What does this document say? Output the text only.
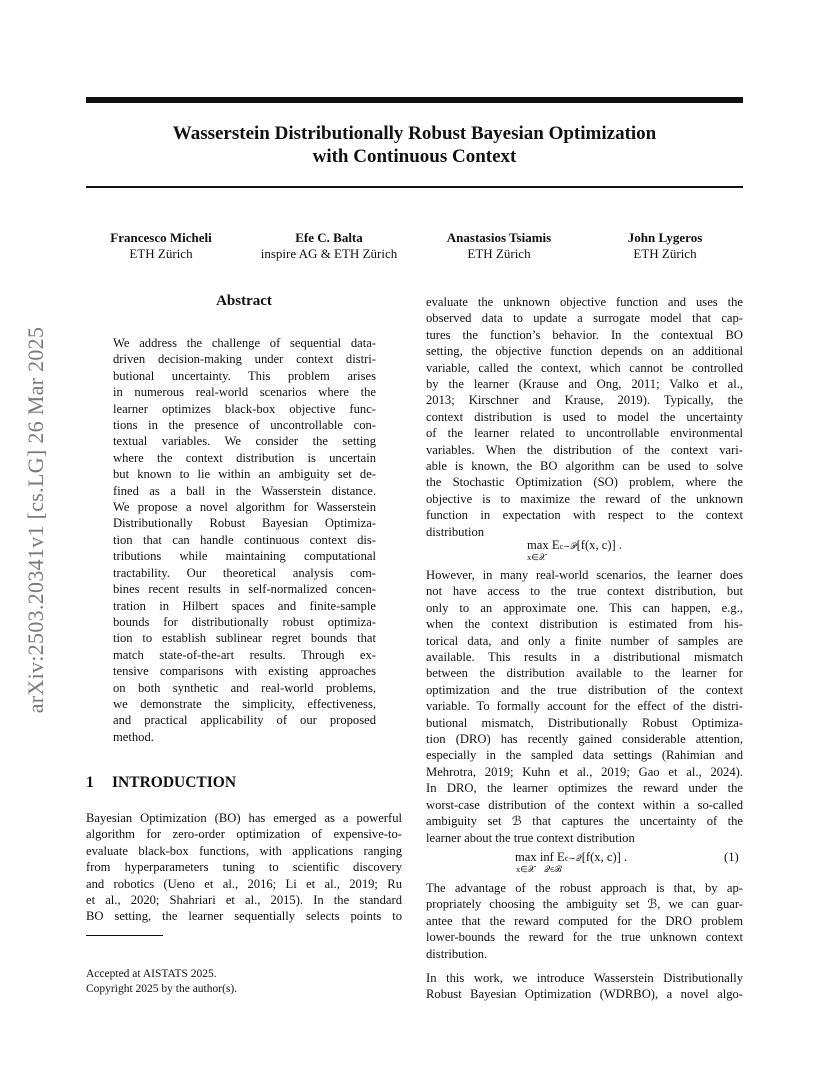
Wasserstein Distributionally Robust Bayesian Optimization
with Continuous Context
Francesco Micheli
ETH Zürich
Efe C. Balta
inspire AG & ETH Zürich
Anastasios Tsiamis
ETH Zürich
John Lygeros
ETH Zürich
arXiv:2503.20341v1 [cs.LG] 26 Mar 2025
Abstract
We address the challenge of sequential data-
driven decision-making under context distri-
butional uncertainty. This problem arises
in numerous real-world scenarios where the
learner optimizes black-box objective func-
tions in the presence of uncontrollable con-
textual variables. We consider the setting
where the context distribution is uncertain
but known to lie within an ambiguity set de-
fined as a ball in the Wasserstein distance.
We propose a novel algorithm for Wasserstein
Distributionally Robust Bayesian Optimiza-
tion that can handle continuous context dis-
tributions while maintaining computational
tractability. Our theoretical analysis com-
bines recent results in self-normalized concen-
tration in Hilbert spaces and finite-sample
bounds for distributionally robust optimiza-
tion to establish sublinear regret bounds that
match state-of-the-art results. Through ex-
tensive comparisons with existing approaches
on both synthetic and real-world problems,
we demonstrate the simplicity, effectiveness,
and practical applicability of our proposed
method.
1 INTRODUCTION
Bayesian Optimization (BO) has emerged as a powerful
algorithm for zero-order optimization of expensive-to-
evaluate black-box functions, with applications ranging
from hyperparameters tuning to scientific discovery
and robotics (Ueno et al., 2016; Li et al., 2019; Ru
et al., 2020; Shahriari et al., 2015). In the standard
BO setting, the learner sequentially selects points to
Accepted at AISTATS 2025.
Copyright 2025 by the author(s).
evaluate the unknown objective function and uses the
observed data to update a surrogate model that cap-
tures the function’s behavior. In the contextual BO
setting, the objective function depends on an additional
variable, called the context, which cannot be controlled
by the learner (Krause and Ong, 2011; Valko et al.,
2013; Kirschner and Krause, 2019). Typically, the
context distribution is used to model the uncertainty
of the learner related to uncontrollable environmental
variables. When the distribution of the context vari-
able is known, the BO algorithm can be used to solve
the Stochastic Optimization (SO) problem, where the
objective is to maximize the reward of the unknown
function in expectation with respect to the context
distribution
max Ec∼𝒫[f(x, c)] .
x∈𝒳
However, in many real-world scenarios, the learner does
not have access to the true context distribution, but
only to an approximate one. This can happen, e.g.,
when the context distribution is estimated from his-
torical data, and only a finite number of samples are
available. This results in a distributional mismatch
between the distribution available to the learner for
optimization and the true distribution of the context
variable. To formally account for the effect of the distri-
butional mismatch, Distributionally Robust Optimiza-
tion (DRO) has recently gained considerable attention,
especially in the sampled data settings (Rahimian and
Mehrotra, 2019; Kuhn et al., 2019; Gao et al., 2024).
In DRO, the learner optimizes the reward under the
worst-case distribution of the context within a so-called
ambiguity set ℬ that captures the uncertainty of the
learner about the true context distribution
max inf Ec∼𝒬[f(x, c)] .
x∈𝒳 𝒬∈ℬ
(1)
The advantage of the robust approach is that, by ap-
propriately choosing the ambiguity set ℬ, we can guar-
antee that the reward computed for the DRO problem
lower-bounds the reward for the true unknown context
distribution.
In this work, we introduce Wasserstein Distributionally
Robust Bayesian Optimization (WDRBO), a novel algo-
